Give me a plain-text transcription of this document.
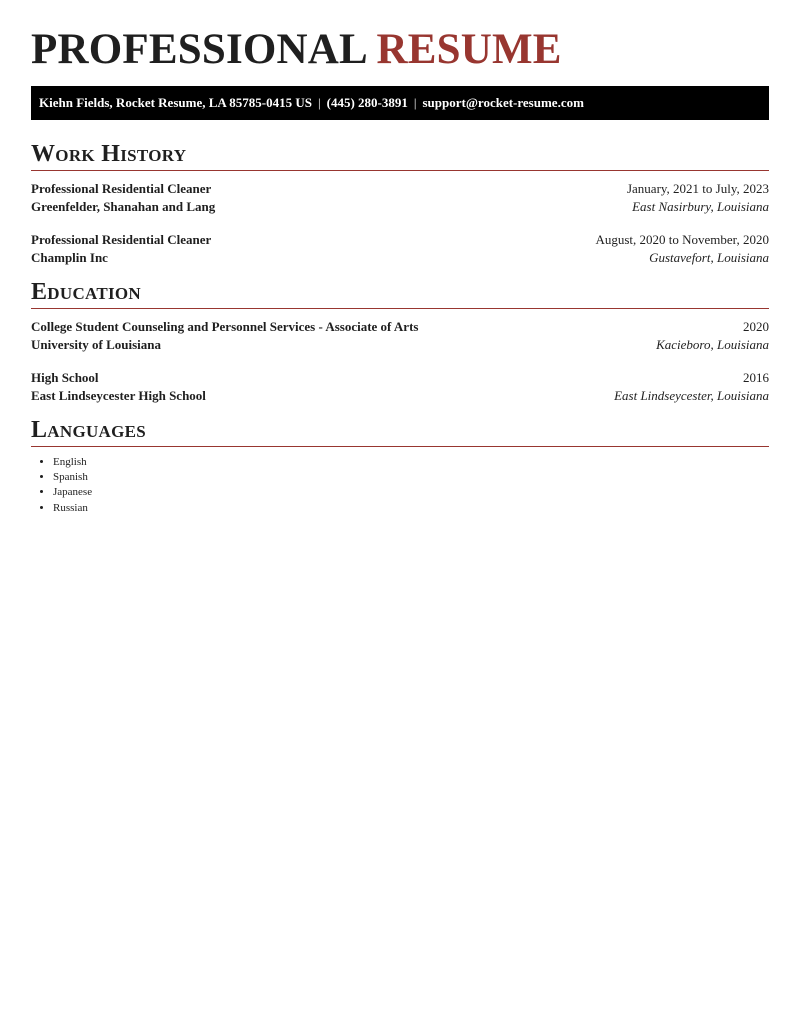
PROFESSIONAL RESUME
Kiehn Fields, Rocket Resume, LA 85785-0415 US | (445) 280-3891 | support@rocket-resume.com
Work History
Professional Residential Cleaner	January, 2021 to July, 2023
Greenfelder, Shanahan and Lang	East Nasirbury, Louisiana
Professional Residential Cleaner	August, 2020 to November, 2020
Champlin Inc	Gustavefort, Louisiana
Education
College Student Counseling and Personnel Services - Associate of Arts	2020
University of Louisiana	Kacieboro, Louisiana
High School	2016
East Lindseycester High School	East Lindseycester, Louisiana
Languages
• English
• Spanish
• Japanese
• Russian
